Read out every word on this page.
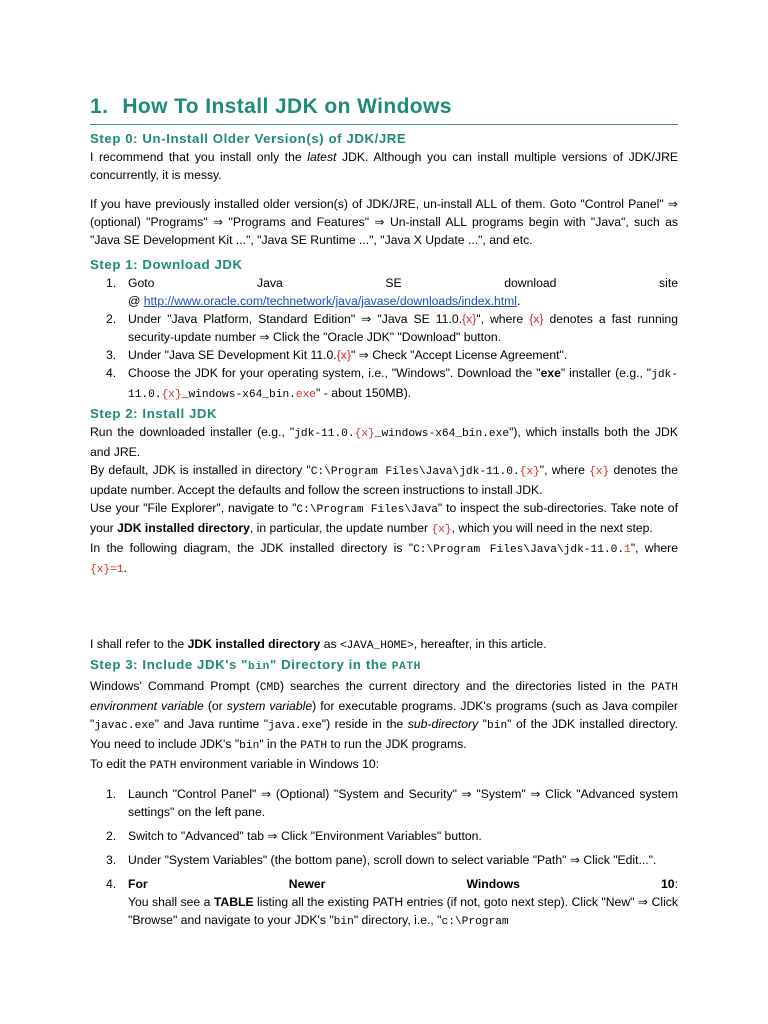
1. How To Install JDK on Windows
Step 0: Un-Install Older Version(s) of JDK/JRE

I recommend that you install only the latest JDK. Although you can install multiple versions of JDK/JRE concurrently, it is messy.

If you have previously installed older version(s) of JDK/JRE, un-install ALL of them. Goto "Control Panel" ⇒ (optional) "Programs" ⇒ "Programs and Features" ⇒ Un-install ALL programs begin with "Java", such as "Java SE Development Kit ...", "Java SE Runtime ...", "Java X Update ...", and etc.

Step 1: Download JDK
1. Goto	Java	SE	download	site
@ http://www.oracle.com/technetwork/java/javase/downloads/index.html.
2. Under "Java Platform, Standard Edition" ⇒ "Java SE 11.0.{x}", where {x} denotes a fast running security-update number ⇒ Click the "Oracle JDK" "Download" button.
3. Under "Java SE Development Kit 11.0.{x}" ⇒ Check "Accept License Agreement".
4. Choose the JDK for your operating system, i.e., "Windows". Download the "exe" installer (e.g., "jdk-11.0.{x}_windows-x64_bin.exe" - about 150MB).
Step 2: Install JDK

Run the downloaded installer (e.g., "jdk-11.0.{x}_windows-x64_bin.exe"), which installs both the JDK and JRE.

By default, JDK is installed in directory "C:\Program Files\Java\jdk-11.0.{x}", where {x} denotes the update number. Accept the defaults and follow the screen instructions to install JDK.

Use your "File Explorer", navigate to "C:\Program Files\Java" to inspect the sub-directories. Take note of your JDK installed directory, in particular, the update number {x}, which you will need in the next step.

In the following diagram, the JDK installed directory is "C:\Program Files\Java\jdk-11.0.1", where {x}=1.

I shall refer to the JDK installed directory as <JAVA_HOME>, hereafter, in this article.

Step 3: Include JDK's "bin" Directory in the PATH

Windows' Command Prompt (CMD) searches the current directory and the directories listed in the PATH environment variable (or system variable) for executable programs. JDK's programs (such as Java compiler "javac.exe" and Java runtime "java.exe") reside in the sub-directory "bin" of the JDK installed directory. You need to include JDK's "bin" in the PATH to run the JDK programs.

To edit the PATH environment variable in Windows 10:

1. Launch "Control Panel" ⇒ (Optional) "System and Security" ⇒ "System" ⇒ Click "Advanced system settings" on the left pane.
2. Switch to "Advanced" tab ⇒ Click "Environment Variables" button.
3. Under "System Variables" (the bottom pane), scroll down to select variable "Path" ⇒ Click "Edit...".
4. For	Newer	Windows	10:
You shall see a TABLE listing all the existing PATH entries (if not, goto next step). Click "New" ⇒ Click "Browse" and navigate to your JDK's "bin" directory, i.e., "c:\Program
